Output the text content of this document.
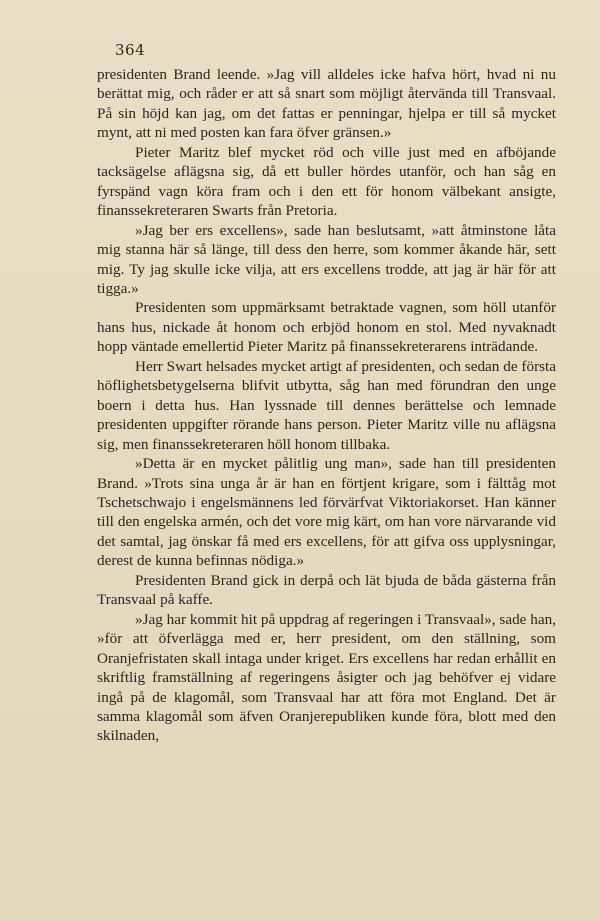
364

presidenten Brand leende. »Jag vill alldeles icke hafva hört, hvad ni nu berättat mig, och råder er att så snart som möjligt återvända till Transvaal. På sin höjd kan jag, om det fattas er penningar, hjelpa er till så mycket mynt, att ni med posten kan fara öfver gränsen.»

Pieter Maritz blef mycket röd och ville just med en afböjande tacksägelse aflägsna sig, då ett buller hördes utanför, och han såg en fyrspänd vagn köra fram och i den ett för honom välbekant ansigte, finanssekreteraren Swarts från Pretoria.

»Jag ber ers excellens», sade han beslutsamt, »att åtminstone låta mig stanna här så länge, till dess den herre, som kommer åkande här, sett mig. Ty jag skulle icke vilja, att ers excellens trodde, att jag är här för att tigga.»

Presidenten som uppmärksamt betraktade vagnen, som höll utanför hans hus, nickade åt honom och erbjöd honom en stol. Med nyvaknadt hopp väntade emellertid Pieter Maritz på finanssekreterarens inträdande.

Herr Swart helsades mycket artigt af presidenten, och sedan de första höflighetsbetygelserna blifvit utbytta, såg han med förundran den unge boern i detta hus. Han lyssnade till dennes berättelse och lemnade presidenten uppgifter rörande hans person. Pieter Maritz ville nu aflägsna sig, men finanssekreteraren höll honom tillbaka.

»Detta är en mycket pålitlig ung man», sade han till presidenten Brand. »Trots sina unga år är han en förtjent krigare, som i fälttåg mot Tschetschwajo i engelsmännens led förvärfvat Viktoriakorset. Han känner till den engelska armén, och det vore mig kärt, om han vore närvarande vid det samtal, jag önskar få med ers excellens, för att gifva oss upplysningar, derest de kunna befinnas nödiga.»

Presidenten Brand gick in derpå och lät bjuda de båda gästerna från Transvaal på kaffe.

»Jag har kommit hit på uppdrag af regeringen i Transvaal», sade han, »för att öfverlägga med er, herr president, om den ställning, som Oranjefristaten skall intaga under kriget. Ers excellens har redan erhållit en skriftlig framställning af regeringens åsigter och jag behöfver ej vidare ingå på de klagomål, som Transvaal har att föra mot England. Det är samma klagomål som äfven Oranjerepubliken kunde föra, blott med den skilnaden,
